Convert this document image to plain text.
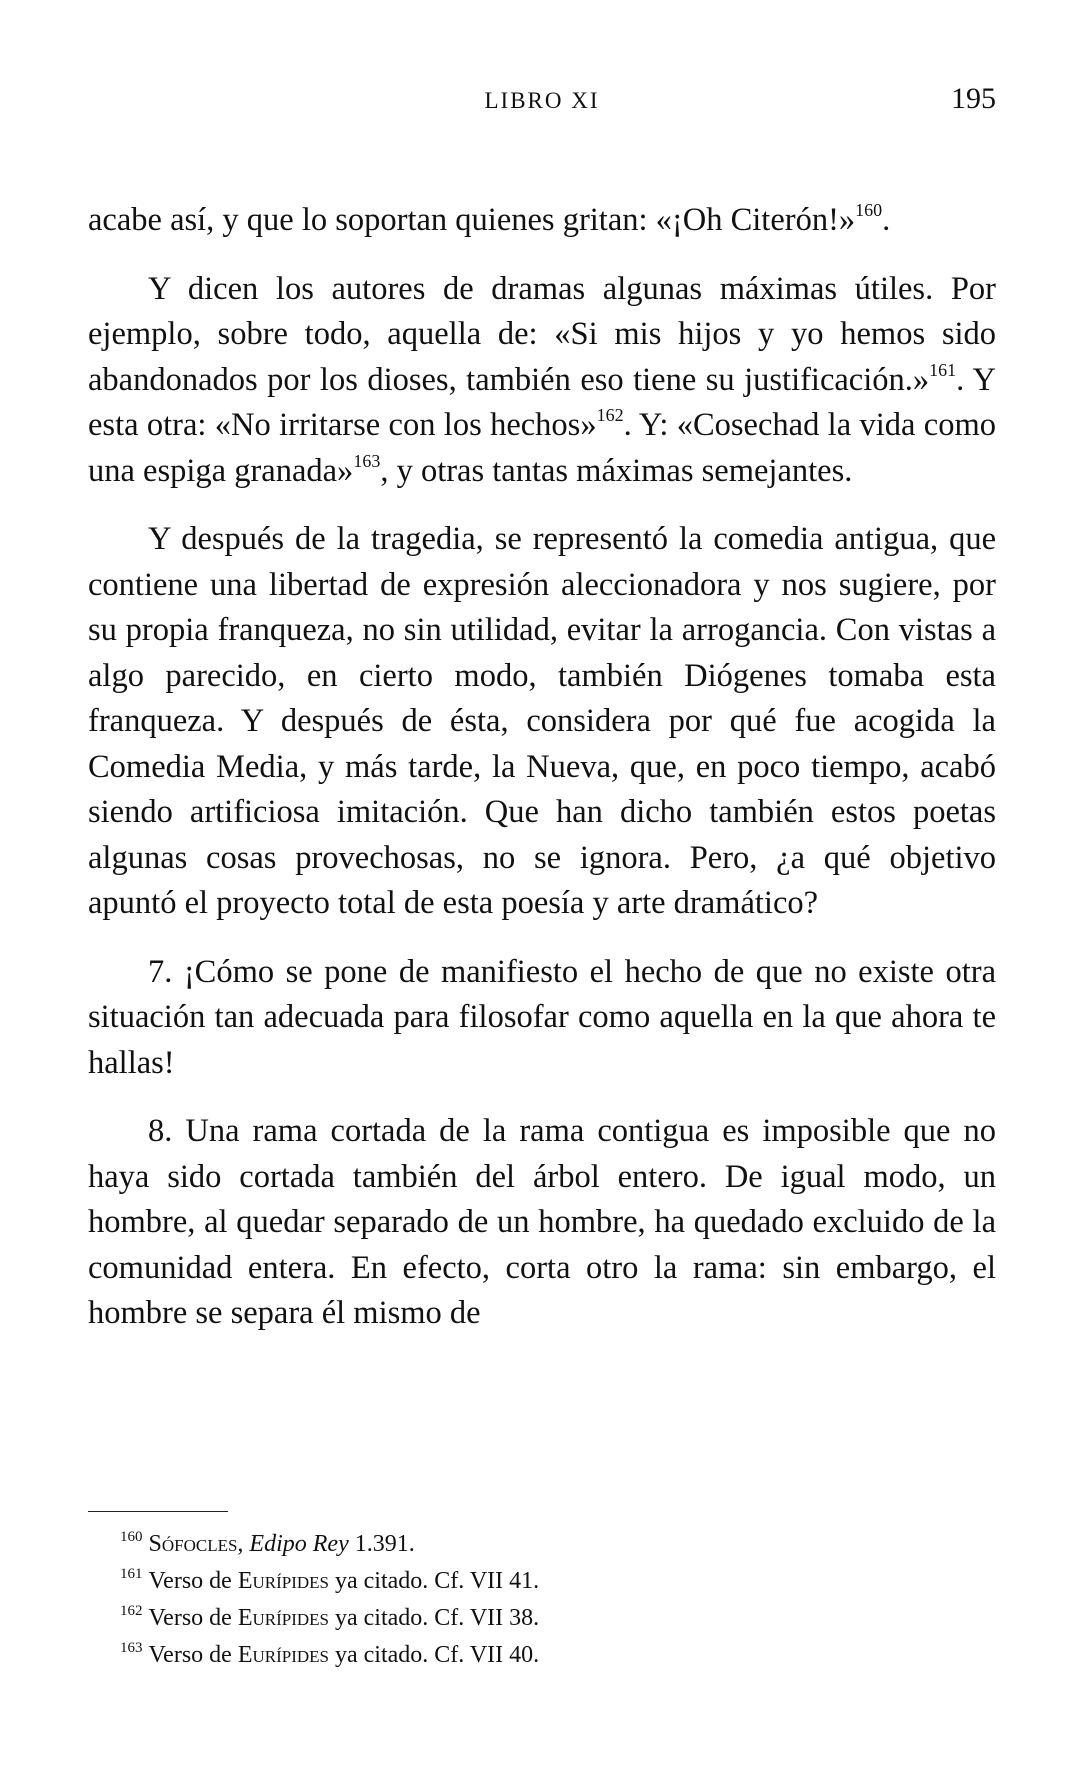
LIBRO XI	195

acabe así, y que lo soportan quienes gritan: «¡Oh Citerón!»$^{160}$.

Y dicen los autores de dramas algunas máximas útiles. Por ejemplo, sobre todo, aquella de: «Si mis hijos y yo hemos sido abandonados por los dioses, también eso tiene su justificación.»$^{161}$. Y esta otra: «No irritarse con los hechos»$^{162}$. Y: «Cosechad la vida como una espiga granada»$^{163}$, y otras tantas máximas semejantes.

Y después de la tragedia, se representó la comedia antigua, que contiene una libertad de expresión aleccionadora y nos sugiere, por su propia franqueza, no sin utilidad, evitar la arrogancia. Con vistas a algo parecido, en cierto modo, también Diógenes tomaba esta franqueza. Y después de ésta, considera por qué fue acogida la Comedia Media, y más tarde, la Nueva, que, en poco tiempo, acabó siendo artificiosa imitación. Que han dicho también estos poetas algunas cosas provechosas, no se ignora. Pero, ¿a qué objetivo apuntó el proyecto total de esta poesía y arte dramático?

7. ¡Cómo se pone de manifiesto el hecho de que no existe otra situación tan adecuada para filosofar como aquella en la que ahora te hallas!

8. Una rama cortada de la rama contigua es imposible que no haya sido cortada también del árbol entero. De igual modo, un hombre, al quedar separado de un hombre, ha quedado excluido de la comunidad entera. En efecto, corta otro la rama: sin embargo, el hombre se separa él mismo de

$^{160}$ Sófocles, Edipo Rey 1.391.
$^{161}$ Verso de Eurípides ya citado. Cf. VII 41.
$^{162}$ Verso de Eurípides ya citado. Cf. VII 38.
$^{163}$ Verso de Eurípides ya citado. Cf. VII 40.
